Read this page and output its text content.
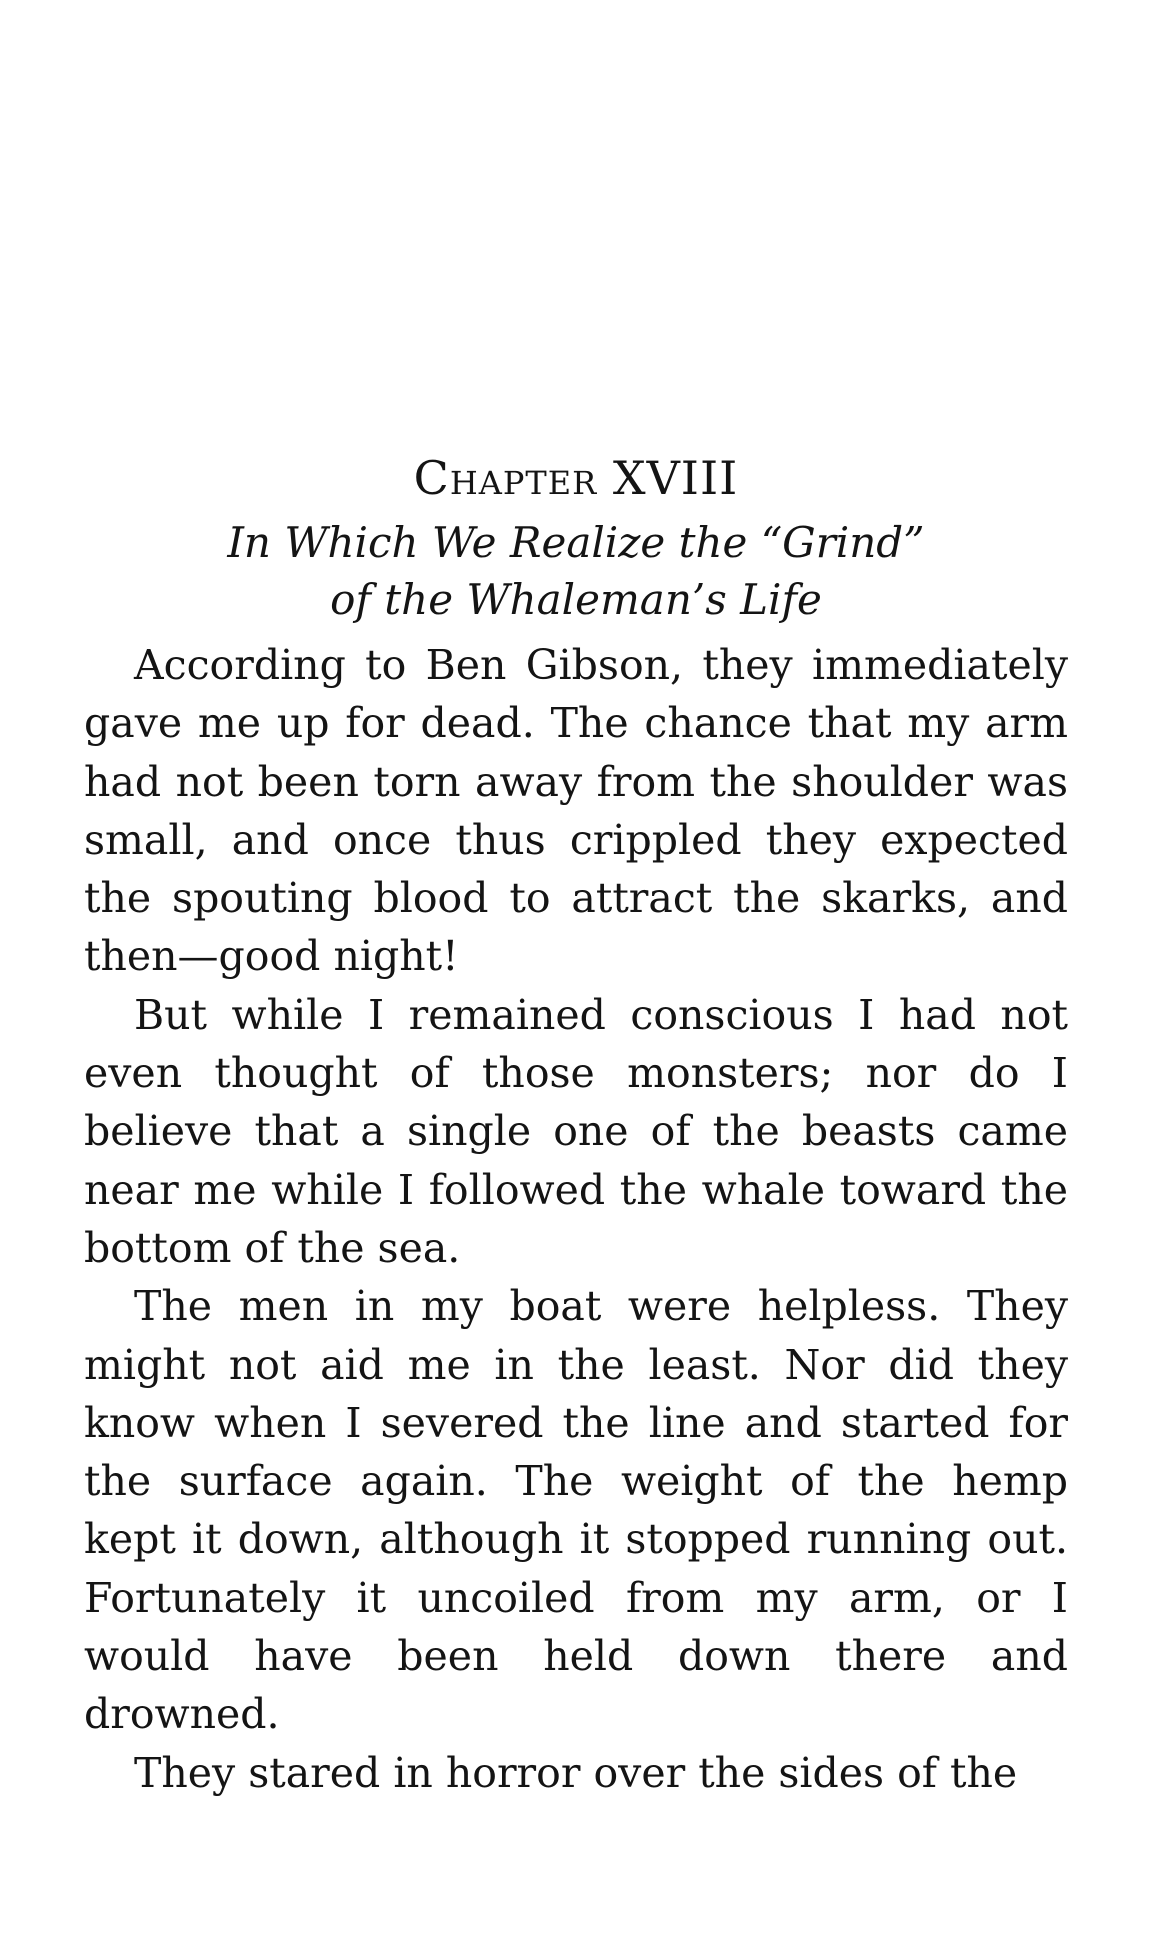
Chapter XVIII
In Which We Realize the “Grind”
of the Whaleman’s Life

According to Ben Gibson, they immediately gave me up for dead. The chance that my arm had not been torn away from the shoulder was small, and once thus crippled they expected the spouting blood to attract the skarks, and then—good night!

But while I remained conscious I had not even thought of those monsters; nor do I believe that a single one of the beasts came near me while I followed the whale toward the bottom of the sea.

The men in my boat were helpless. They might not aid me in the least. Nor did they know when I severed the line and started for the surface again. The weight of the hemp kept it down, although it stopped running out. Fortunately it uncoiled from my arm, or I would have been held down there and drowned.

They stared in horror over the sides of the
